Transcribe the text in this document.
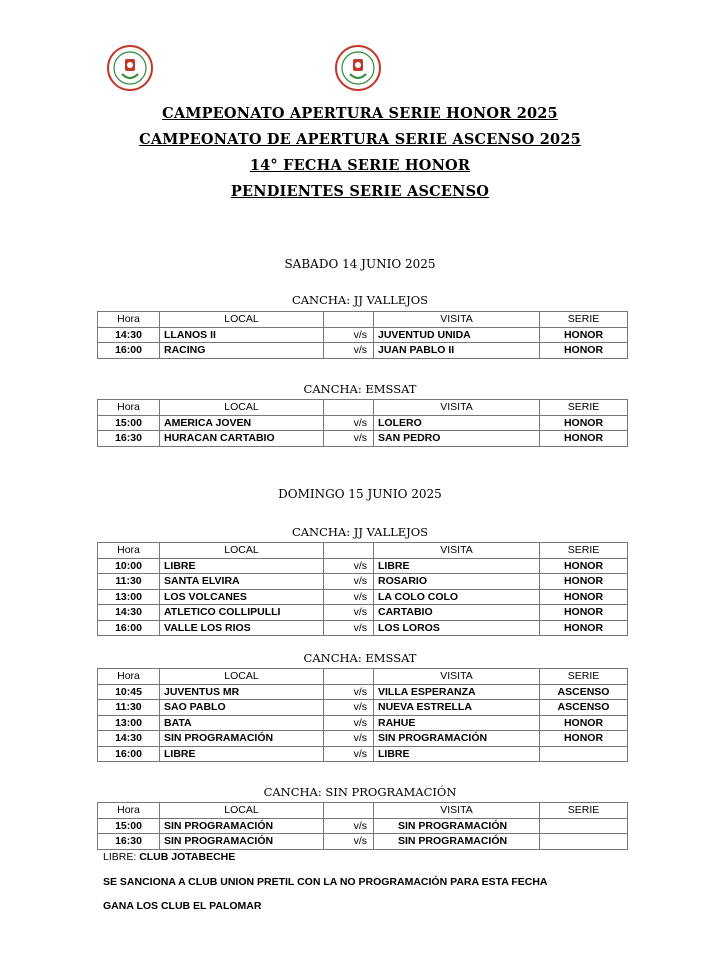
CAMPEONATO APERTURA SERIE HONOR 2025
CAMPEONATO DE APERTURA SERIE ASCENSO 2025
14° FECHA SERIE HONOR
PENDIENTES SERIE ASCENSO
SABADO 14 JUNIO 2025
CANCHA: JJ VALLEJOS
Hora	LOCAL		VISITA	SERIE
14:30	LLANOS II	v/s	JUVENTUD UNIDA	HONOR
16:00	RACING	v/s	JUAN PABLO II	HONOR
CANCHA: EMSSAT
Hora	LOCAL		VISITA	SERIE
15:00	AMERICA JOVEN	v/s	LOLERO	HONOR
16:30	HURACAN CARTABIO	v/s	SAN PEDRO	HONOR
DOMINGO 15 JUNIO 2025
CANCHA: JJ VALLEJOS
Hora	LOCAL		VISITA	SERIE
10:00	LIBRE	v/s	LIBRE	HONOR
11:30	SANTA ELVIRA	v/s	ROSARIO	HONOR
13:00	LOS VOLCANES	v/s	LA COLO COLO	HONOR
14:30	ATLETICO COLLIPULLI	v/s	CARTABIO	HONOR
16:00	VALLE LOS RIOS	v/s	LOS LOROS	HONOR
CANCHA: EMSSAT
Hora	LOCAL		VISITA	SERIE
10:45	JUVENTUS MR	v/s	VILLA ESPERANZA	ASCENSO
11:30	SAO PABLO	v/s	NUEVA ESTRELLA	ASCENSO
13:00	BATA	v/s	RAHUE	HONOR
14:30	SIN PROGRAMACIÓN	v/s	SIN PROGRAMACIÓN	HONOR
16:00	LIBRE	v/s	LIBRE	
CANCHA: SIN PROGRAMACIÓN
Hora	LOCAL		VISITA	SERIE
15:00	SIN PROGRAMACIÓN	v/s	SIN PROGRAMACIÓN	
16:30	SIN PROGRAMACIÓN	v/s	SIN PROGRAMACIÓN	
LIBRE: CLUB JOTABECHE
SE SANCIONA A CLUB UNION PRETIL CON LA NO PROGRAMACIÓN PARA ESTA FECHA
GANA LOS CLUB EL PALOMAR
